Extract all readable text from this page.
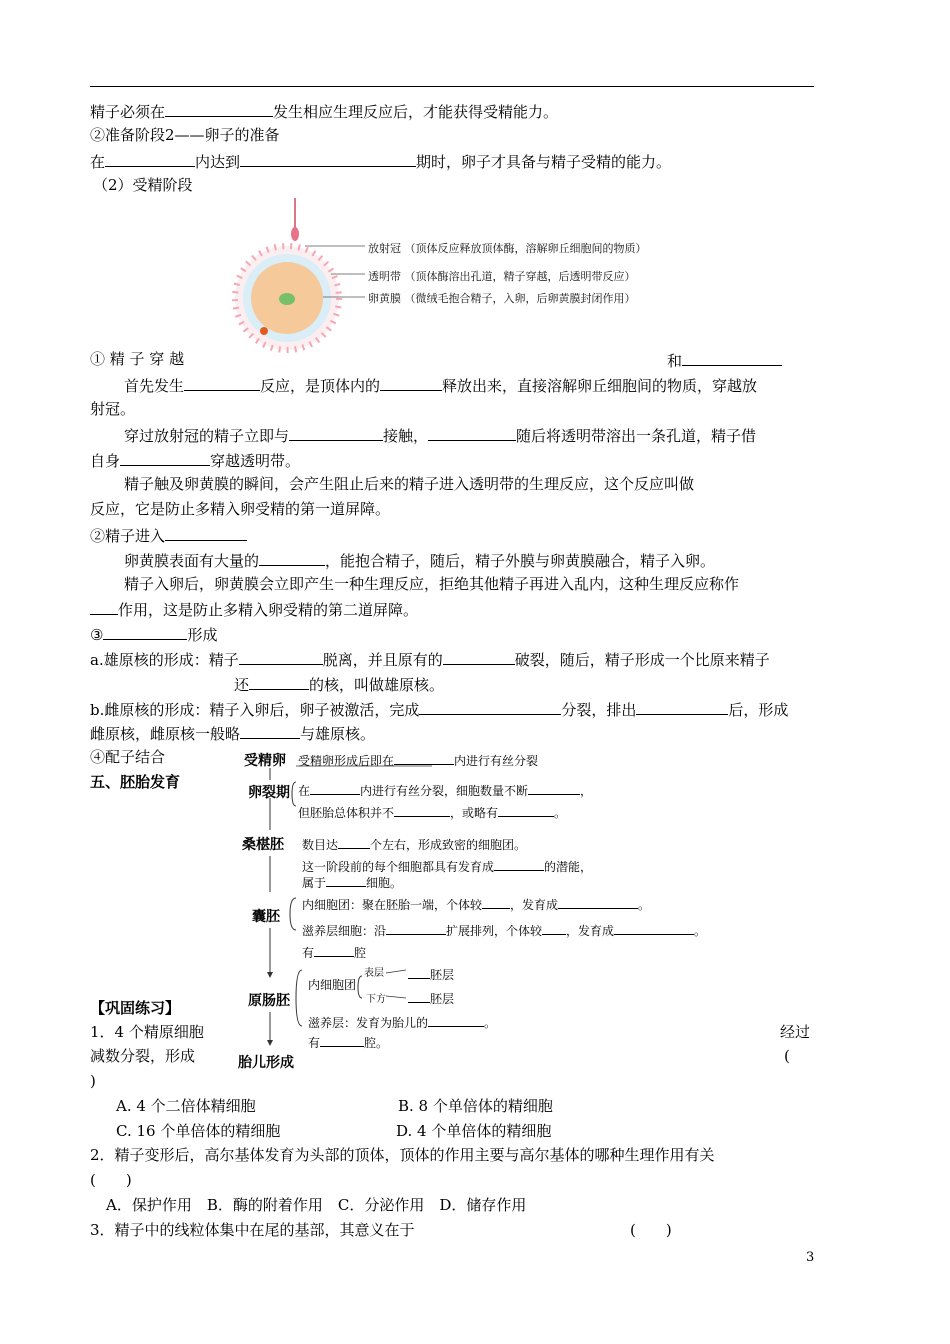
精子必须在	发生相应生理反应后，才能获得受精能力。
②准备阶段2——卵子的准备
在	内达到	期时，卵子才具备与精子受精的能力。
（2）受精阶段
放射冠 （顶体反应释放顶体酶，溶解卵丘细胞间的物质）
透明带 （顶体酶溶出孔道，精子穿越，后透明带反应）
卵黄膜 （微绒毛抱合精子，入卵，后卵黄膜封闭作用）
① 精 子 穿 越	和
首先发生	反应，是顶体内的	释放出来，直接溶解卵丘细胞间的物质，穿越放
射冠。
穿过放射冠的精子立即与	接触，	随后将透明带溶出一条孔道，精子借
自身	穿越透明带。
精子触及卵黄膜的瞬间，会产生阻止后来的精子进入透明带的生理反应，这个反应叫做
反应，它是防止多精入卵受精的第一道屏障。
②精子进入
卵黄膜表面有大量的	，能抱合精子，随后，精子外膜与卵黄膜融合，精子入卵。
精子入卵后，卵黄膜会立即产生一种生理反应，拒绝其他精子再进入乱内，这种生理反应称作
作用，这是防止多精入卵受精的第二道屏障。
③	形成
a.雄原核的形成：精子	脱离，并且原有的	破裂，随后，精子形成一个比原来精子
还	的核，叫做雄原核。
b.雌原核的形成：精子入卵后，卵子被激活，完成	分裂，排出	后，形成
雌原核，雌原核一般略	与雄原核。
④配子结合
五、胚胎发育
受精卵 受精卵形成后即在	内进行有丝分裂
卵裂期 在	内进行有丝分裂，细胞数量不断	，
但胚胎总体积并不	，或略有	。
桑椹胚 数目达	个左右，形成致密的细胞团。
这一阶段前的每个细胞都具有发育成	的潜能，
属于	细胞。
囊胚
内细胞团：聚在胚胎一端，个体较 ，发育成	。
滋养层细胞：沿	扩展排列，个体较 ，发育成	。
有	腔
原肠胚
内细胞团
表层	胚层
下方	胚层
滋养层：发育为胎儿的	。
有	腔。
胎儿形成
【巩固练习】
1．4 个精原细胞	经过
减数分裂，形成	(
)
A. 4 个二倍体精细胞	B. 8 个单倍体的精细胞
C. 16 个单倍体的精细胞	D. 4 个单倍体的精细胞
2．精子变形后，高尔基体发育为头部的顶体，顶体的作用主要与高尔基体的哪种生理作用有关
(　　)
A．保护作用　B．酶的附着作用　C．分泌作用　D．储存作用
3．精子中的线粒体集中在尾的基部，其意义在于	(　　)
3
